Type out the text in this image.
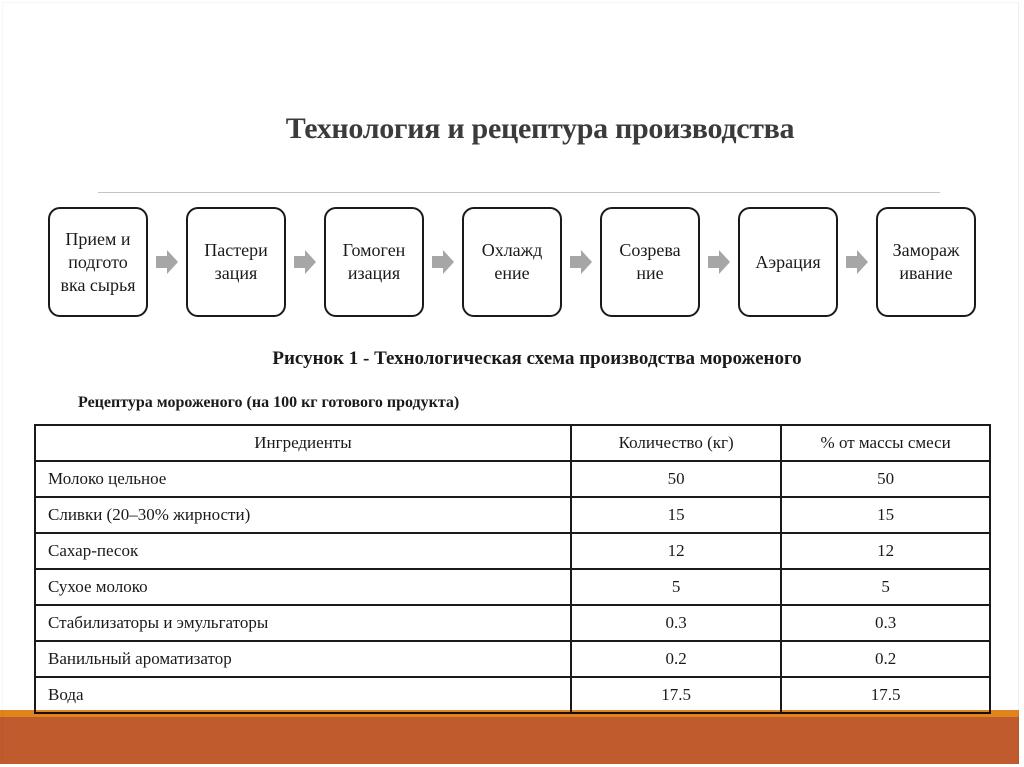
Технология и рецептура производства
Прием и подгото вка сырья
Пастери зация
Гомоген изация
Охлажд ение
Созрева ние
Аэрация
Замораж ивание
Рисунок 1 - Технологическая схема производства мороженого
Рецептура мороженого (на 100 кг готового продукта)
Ингредиенты	Количество (кг)	% от массы смеси
Молоко цельное	50	50
Сливки (20–30% жирности)	15	15
Сахар-песок	12	12
Сухое молоко	5	5
Стабилизаторы и эмульгаторы	0.3	0.3
Ванильный ароматизатор	0.2	0.2
Вода	17.5	17.5
